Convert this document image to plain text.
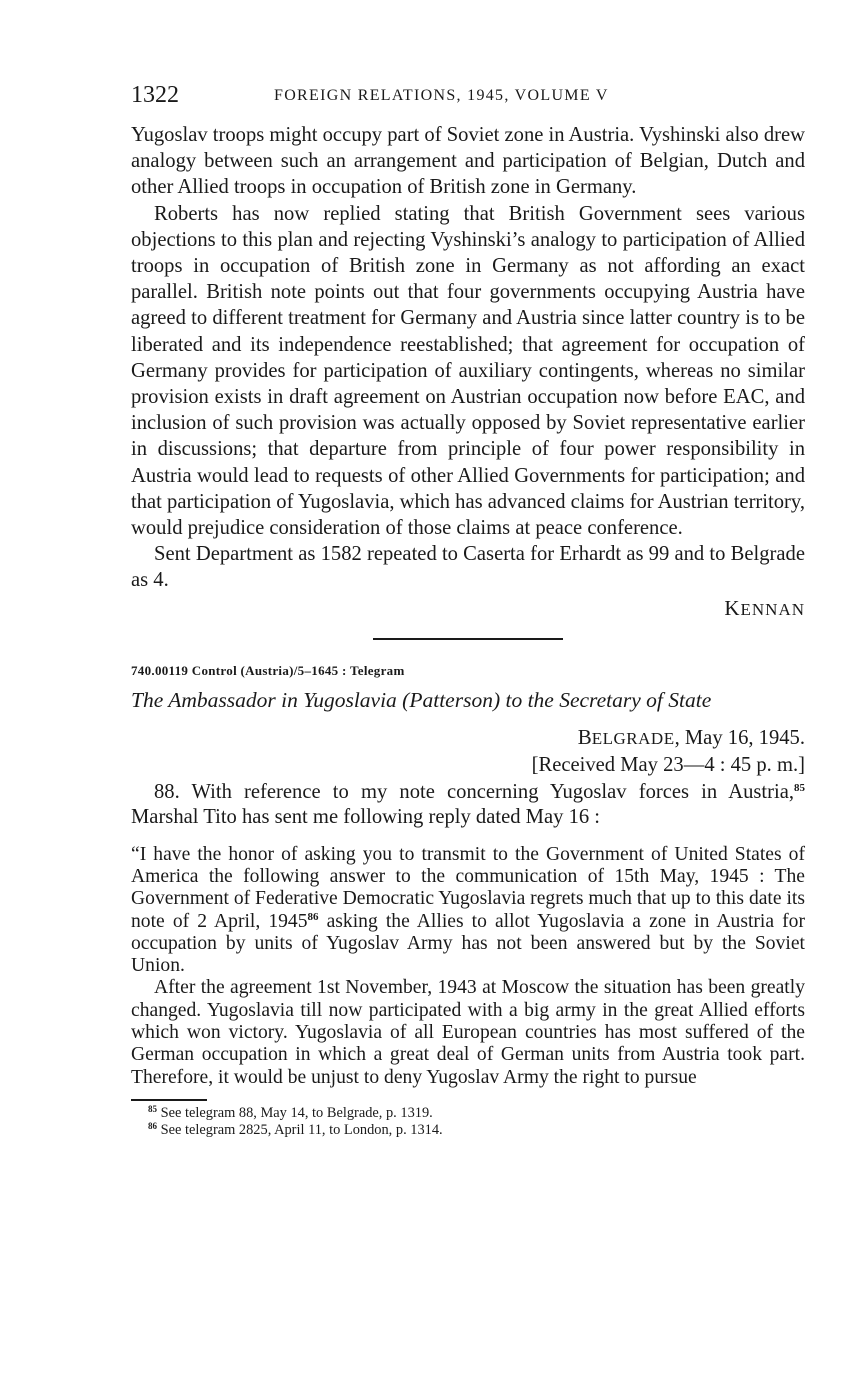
1322	FOREIGN RELATIONS, 1945, VOLUME V

Yugoslav troops might occupy part of Soviet zone in Austria. Vyshinski also drew analogy between such an arrangement and participation of Belgian, Dutch and other Allied troops in occupation of British zone in Germany.

Roberts has now replied stating that British Government sees various objections to this plan and rejecting Vyshinski’s analogy to participation of Allied troops in occupation of British zone in Germany as not affording an exact parallel. British note points out that four governments occupying Austria have agreed to different treatment for Germany and Austria since latter country is to be liberated and its independence reestablished; that agreement for occupation of Germany provides for participation of auxiliary contingents, whereas no similar provision exists in draft agreement on Austrian occupation now before EAC, and inclusion of such provision was actually opposed by Soviet representative earlier in discussions; that departure from principle of four power responsibility in Austria would lead to requests of other Allied Governments for participation; and that participation of Yugoslavia, which has advanced claims for Austrian territory, would prejudice consideration of those claims at peace conference.

Sent Department as 1582 repeated to Caserta for Erhardt as 99 and to Belgrade as 4.

KENNAN
740.00119 Control (Austria)/5–1645 : Telegram
The Ambassador in Yugoslavia (Patterson) to the Secretary of State
BELGRADE, May 16, 1945.
[Received May 23—4 : 45 p. m.]

88. With reference to my note concerning Yugoslav forces in Austria,$^{85}$ Marshal Tito has sent me following reply dated May 16 :

“I have the honor of asking you to transmit to the Government of United States of America the following answer to the communication of 15th May, 1945 : The Government of Federative Democratic Yugoslavia regrets much that up to this date its note of 2 April, 1945$^{86}$ asking the Allies to allot Yugoslavia a zone in Austria for occupation by units of Yugoslav Army has not been answered but by the Soviet Union.

After the agreement 1st November, 1943 at Moscow the situation has been greatly changed. Yugoslavia till now participated with a big army in the great Allied efforts which won victory. Yugoslavia of all European countries has most suffered of the German occupation in which a great deal of German units from Austria took part. Therefore, it would be unjust to deny Yugoslav Army the right to pursue

$^{85}$ See telegram 88, May 14, to Belgrade, p. 1319.
$^{86}$ See telegram 2825, April 11, to London, p. 1314.
